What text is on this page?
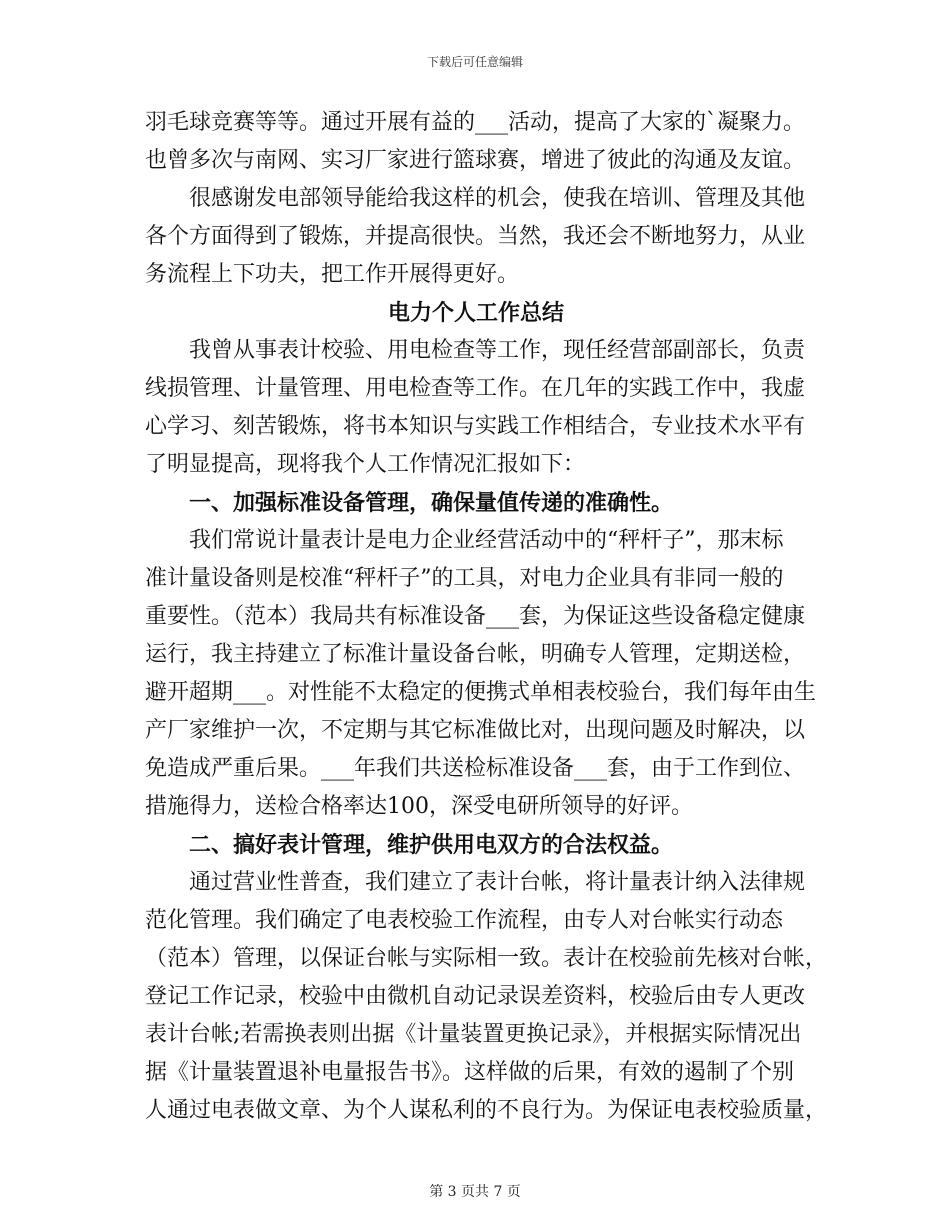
下载后可任意编辑
羽毛球竞赛等等。通过开展有益的___活动，提高了大家的`凝聚力。
也曾多次与南网、实习厂家进行篮球赛，增进了彼此的沟通及友谊。
很感谢发电部领导能给我这样的机会，使我在培训、管理及其他
各个方面得到了锻炼，并提高很快。当然，我还会不断地努力，从业
务流程上下功夫，把工作开展得更好。
电力个人工作总结
我曾从事表计校验、用电检查等工作，现任经营部副部长，负责
线损管理、计量管理、用电检查等工作。在几年的实践工作中，我虚
心学习、刻苦锻炼，将书本知识与实践工作相结合，专业技术水平有
了明显提高，现将我个人工作情况汇报如下：
一、加强标准设备管理，确保量值传递的准确性。
我们常说计量表计是电力企业经营活动中的“秤杆子”，那末标
准计量设备则是校准“秤杆子”的工具，对电力企业具有非同一般的
重要性。（范本）我局共有标准设备___套，为保证这些设备稳定健康
运行，我主持建立了标准计量设备台帐，明确专人管理，定期送检，
避开超期___。对性能不太稳定的便携式单相表校验台，我们每年由生
产厂家维护一次，不定期与其它标准做比对，出现问题及时解决，以
免造成严重后果。___年我们共送检标准设备___套，由于工作到位、
措施得力，送检合格率达100，深受电研所领导的好评。
二、搞好表计管理，维护供用电双方的合法权益。
通过营业性普查，我们建立了表计台帐，将计量表计纳入法律规
范化管理。我们确定了电表校验工作流程，由专人对台帐实行动态
（范本）管理，以保证台帐与实际相一致。表计在校验前先核对台帐，
登记工作记录，校验中由微机自动记录误差资料，校验后由专人更改
表计台帐;若需换表则出据《计量装置更换记录》，并根据实际情况出
据《计量装置退补电量报告书》。这样做的后果，有效的遏制了个别
人通过电表做文章、为个人谋私利的不良行为。为保证电表校验质量，
第 3 页共 7 页
